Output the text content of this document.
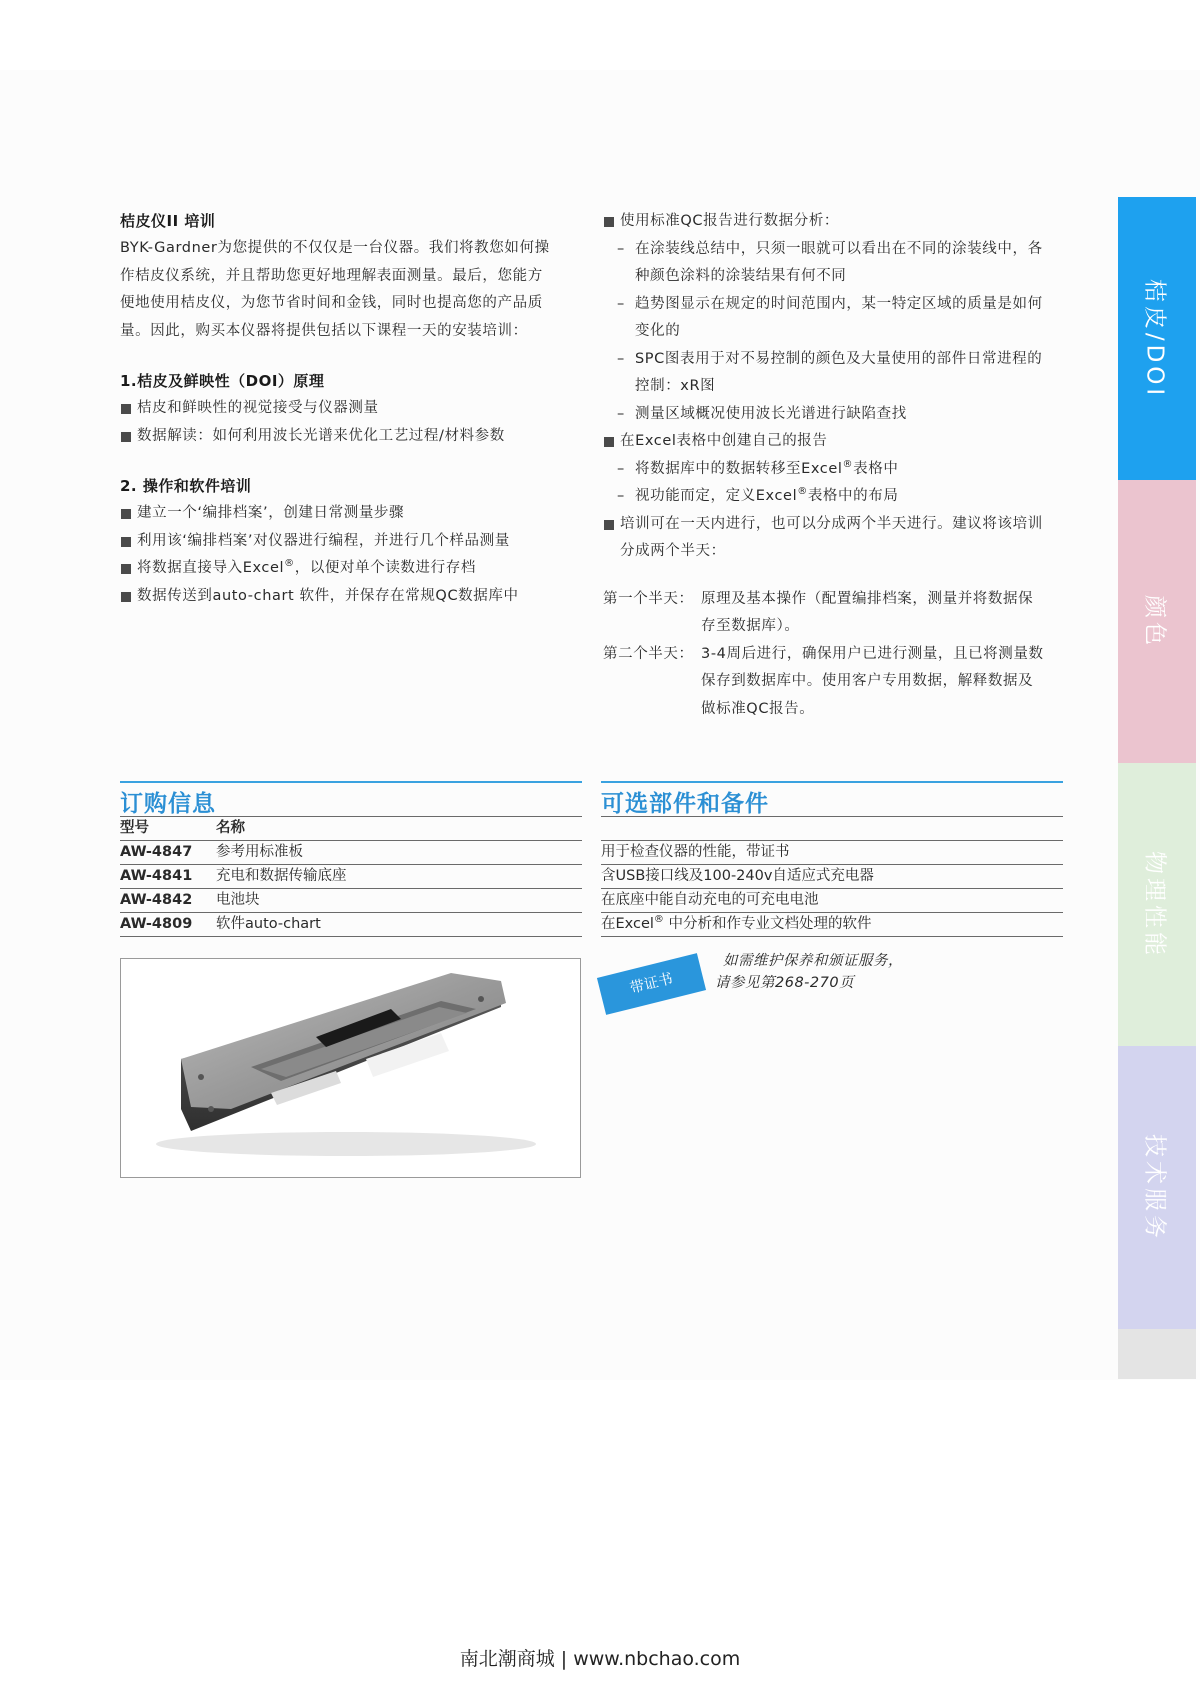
桔皮仪II 培训

BYK-Gardner为您提供的不仅仅是一台仪器。我们将教您如何操

作桔皮仪系统，并且帮助您更好地理解表面测量。最后，您能方

便地使用桔皮仪，为您节省时间和金钱，同时也提高您的产品质

量。因此，购买本仪器将提供包括以下课程一天的安装培训：

1.桔皮及鲜映性（DOI）原理

桔皮和鲜映性的视觉接受与仪器测量

数据解读：如何利用波长光谱来优化工艺过程/材料参数

2. 操作和软件培训

建立一个‘编排档案’，创建日常测量步骤

利用该‘编排档案’对仪器进行编程，并进行几个样品测量

将数据直接导入Excel®，以便对单个读数进行存档

数据传送到auto-chart 软件，并保存在常规QC数据库中

使用标准QC报告进行数据分析：

– 在涂装线总结中，只须一眼就可以看出在不同的涂装线中，各

种颜色涂料的涂装结果有何不同

– 趋势图显示在规定的时间范围内，某一特定区域的质量是如何

变化的

– SPC图表用于对不易控制的颜色及大量使用的部件日常进程的

控制：xR图

– 测量区域概况使用波长光谱进行缺陷查找

在Excel表格中创建自己的报告

– 将数据库中的数据转移至Excel®表格中

– 视功能而定，定义Excel®表格中的布局

培训可在一天内进行，也可以分成两个半天进行。建议将该培训

分成两个半天：

第一个半天： 原理及基本操作（配置编排档案，测量并将数据保
存至数据库）。
第二个半天： 3-4周后进行，确保用户已进行测量，且已将测量数
保存到数据库中。使用客户专用数据，解释数据及
做标准QC报告。
订购信息	可选部件和备件
型号	名称
AW-4847 参考用标准板
AW-4841 充电和数据传输底座
AW-4842 电池块
AW-4809 软件auto-chart
用于检查仪器的性能，带证书
含USB接口线及100-240v自适应式充电器
在底座中能自动充电的可充电电池
在Excel® 中分析和作专业文档处理的软件
带证书
如需维护保养和颁证服务，
请参见第268-270页
桔皮/DOI
颜色
物理性能
技术服务
南北潮商城 | www.nbchao.com
